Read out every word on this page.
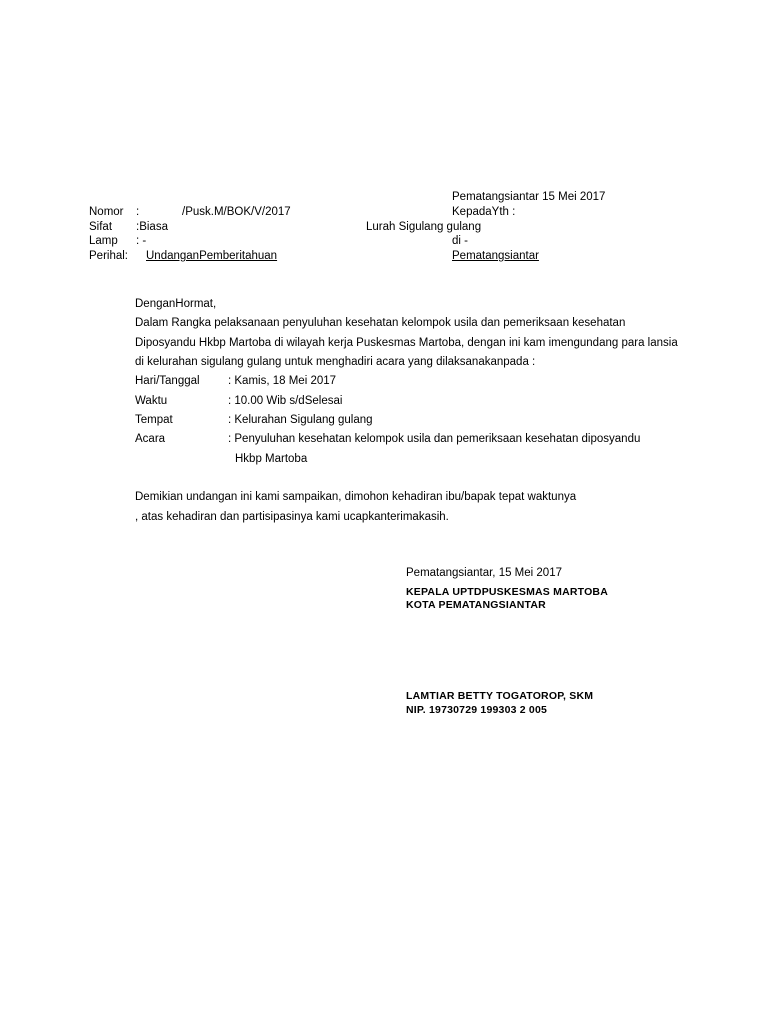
Pematangsiantar 15 Mei 2017
Nomor :	/Pusk.M/BOK/V/2017	KepadaYth :
Sifat :Biasa	Lurah Sigulang gulang
Lamp : -	di -
Perihal: UndanganPemberitahuan	Pematangsiantar
DenganHormat,
Dalam Rangka pelaksanaan penyuluhan kesehatan kelompok usila dan pemeriksaan kesehatan
Diposyandu Hkbp Martoba di wilayah kerja Puskesmas Martoba, dengan ini kam imengundang para lansia
di kelurahan sigulang gulang untuk menghadiri acara yang dilaksanakanpada :
Hari/Tanggal : Kamis, 18 Mei 2017
Waktu	: 10.00 Wib s/dSelesai
Tempat	: Kelurahan Sigulang gulang
Acara	: Penyuluhan kesehatan kelompok usila dan pemeriksaan kesehatan diposyandu
Hkbp Martoba
Demikian undangan ini kami sampaikan, dimohon kehadiran ibu/bapak tepat waktunya
, atas kehadiran dan partisipasinya kami ucapkanterimakasih.
Pematangsiantar, 15 Mei 2017
KEPALA UPTDPUSKESMAS MARTOBA
KOTA PEMATANGSIANTAR
LAMTIAR BETTY TOGATOROP, SKM
NIP. 19730729 199303 2 005
